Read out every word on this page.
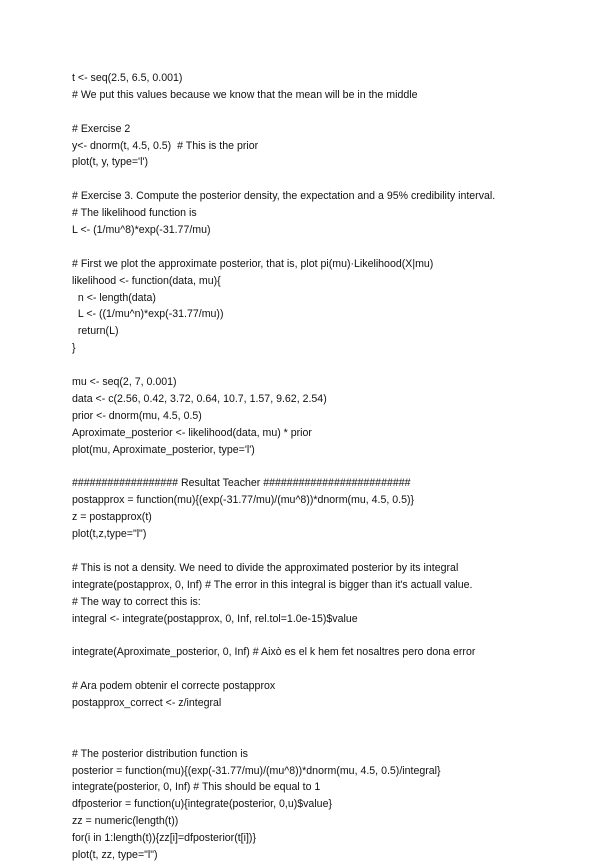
t <- seq(2.5, 6.5, 0.001)
# We put this values because we know that the mean will be in the middle
# Exercise 2
y<- dnorm(t, 4.5, 0.5)  # This is the prior
plot(t, y, type='l')
# Exercise 3. Compute the posterior density, the expectation and a 95% credibility interval.
# The likelihood function is
L <- (1/mu^8)*exp(-31.77/mu)
# First we plot the approximate posterior, that is, plot pi(mu)·Likelihood(X|mu)
likelihood <- function(data, mu){
n <- length(data)
L <- ((1/mu^n)*exp(-31.77/mu))
return(L)
}
mu <- seq(2, 7, 0.001)
data <- c(2.56, 0.42, 3.72, 0.64, 10.7, 1.57, 9.62, 2.54)
prior <- dnorm(mu, 4.5, 0.5)
Aproximate_posterior <- likelihood(data, mu) * prior
plot(mu, Aproximate_posterior, type='l')
################## Resultat Teacher #########################
postapprox = function(mu){(exp(-31.77/mu)/(mu^8))*dnorm(mu, 4.5, 0.5)}
z = postapprox(t)
plot(t,z,type="l")
# This is not a density. We need to divide the approximated posterior by its integral
integrate(postapprox, 0, Inf) # The error in this integral is bigger than it's actuall value.
# The way to correct this is:
integral <- integrate(postapprox, 0, Inf, rel.tol=1.0e-15)$value
integrate(Aproximate_posterior, 0, Inf) # Això es el k hem fet nosaltres pero dona error
# Ara podem obtenir el correcte postapprox
postapprox_correct <- z/integral
# The posterior distribution function is
posterior = function(mu){(exp(-31.77/mu)/(mu^8))*dnorm(mu, 4.5, 0.5)/integral}
integrate(posterior, 0, Inf) # This should be equal to 1
dfposterior = function(u){integrate(posterior, 0,u)$value}
zz = numeric(length(t))
for(i in 1:length(t)){zz[i]=dfposterior(t[i])}
plot(t, zz, type="l")
